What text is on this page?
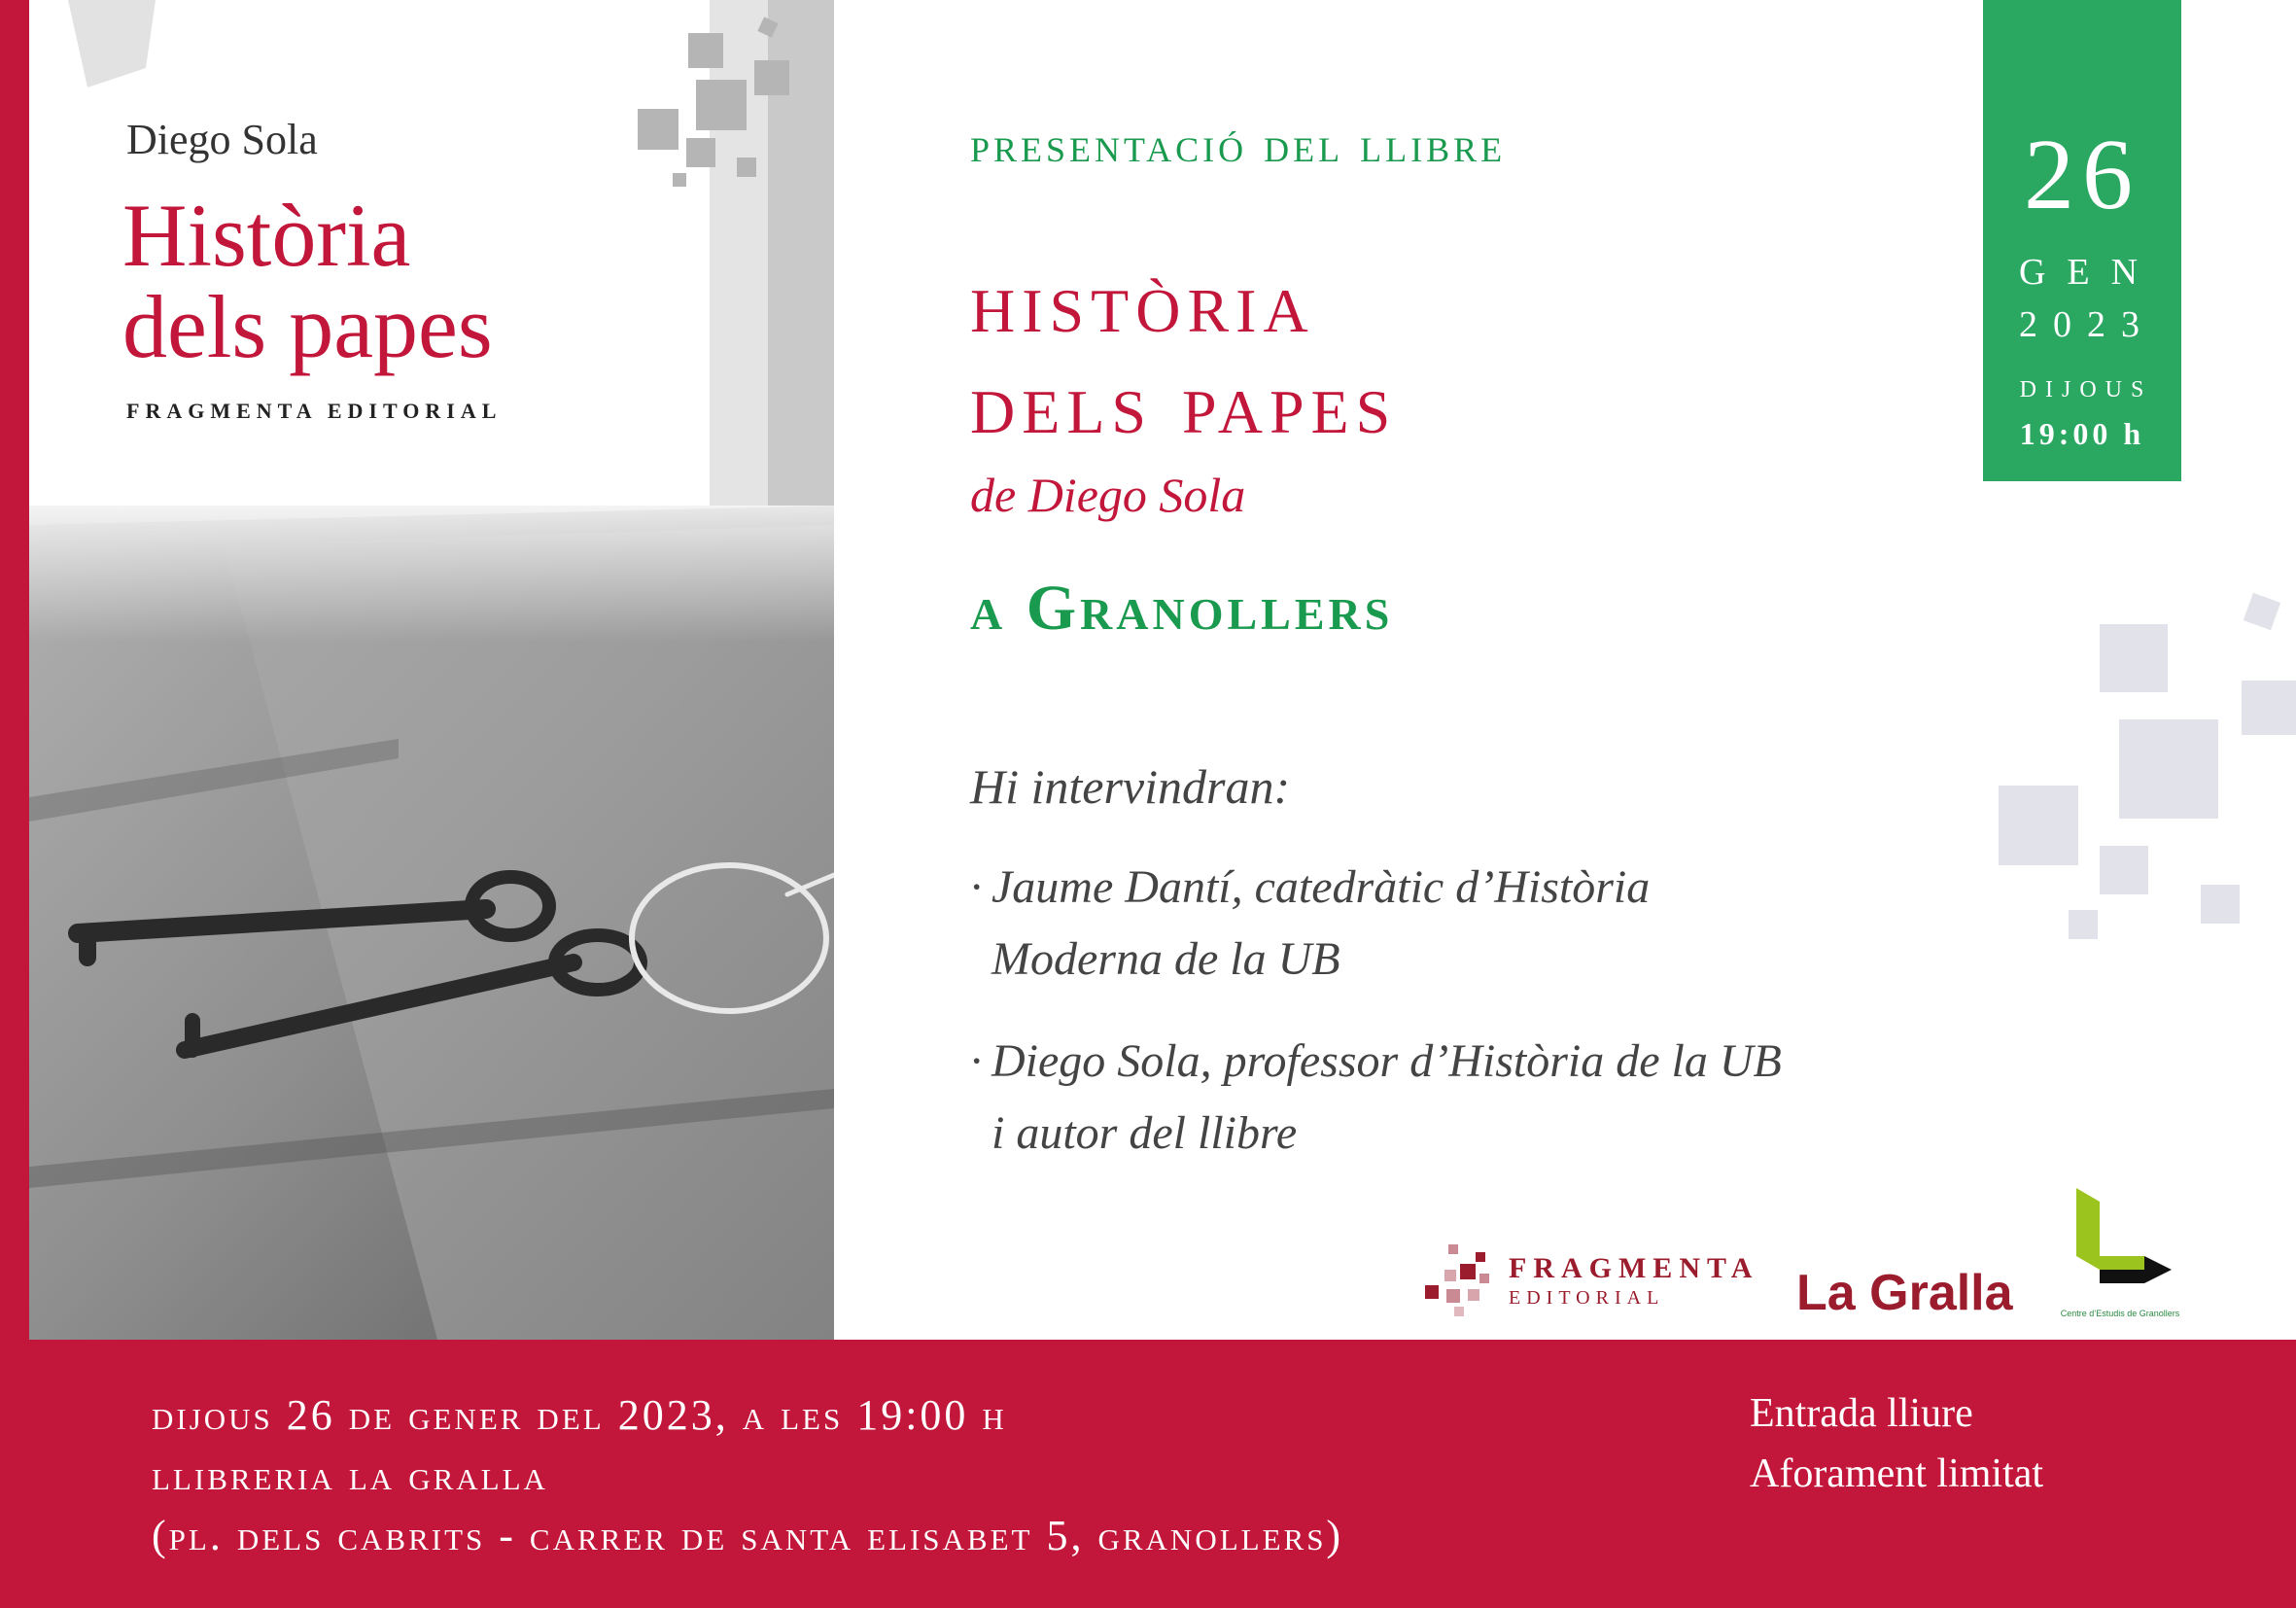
Diego Sola
Història
dels papes
FRAGMENTA EDITORIAL
presentació del llibre
història
dels papes
de Diego Sola
a Granollers
Hi intervindran:
· Jaume Dantí, catedràtic d’Història
Moderna de la UB
· Diego Sola, professor d’Història de la UB
i autor del llibre
26
GEN
2023
DIJOUS
19:00 h
FRAGMENTA
EDITORIAL	La Gralla	Centre d’Estudis de Granollers
dijous 26 de gener del 2023, a les 19:00 h
llibreria la gralla
(pl. dels cabrits - carrer de santa elisabet 5, granollers)
Entrada lliure
Aforament limitat
